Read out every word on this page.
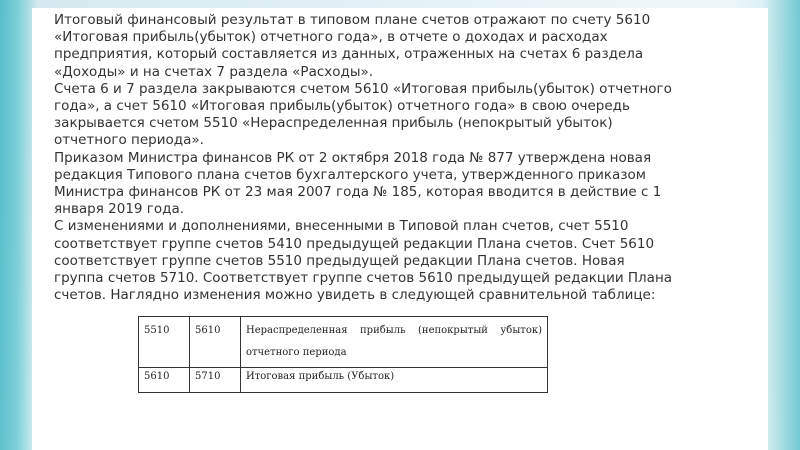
Итоговый финансовый результат в типовом плане счетов отражают по счету 5610 «Итоговая прибыль(убыток) отчетного года», в отчете о доходах и расходах предприятия, который составляется из данных, отраженных на счетах 6 раздела «Доходы» и на счетах 7 раздела «Расходы».

Счета 6 и 7 раздела закрываются счетом 5610 «Итоговая прибыль(убыток) отчетного года», а счет 5610 «Итоговая прибыль(убыток) отчетного года» в свою очередь закрывается счетом 5510 «Нераспределенная прибыль (непокрытый убыток) отчетного периода».

Приказом Министра финансов РК от 2 октября 2018 года № 877 утверждена новая редакция Типового плана счетов бухгалтерского учета, утвержденного приказом Министра финансов РК от 23 мая 2007 года № 185, которая вводится в действие с 1 января 2019 года.

С изменениями и дополнениями, внесенными в Типовой план счетов, счет 5510 соответствует группе счетов 5410 предыдущей редакции Плана счетов. Счет 5610 соответствует группе счетов 5510 предыдущей редакции Плана счетов. Новая группа счетов 5710. Соответствует группе счетов 5610 предыдущей редакции Плана счетов. Наглядно изменения можно увидеть в следующей сравнительной таблице:

5510	5610	Нераспределенная прибыль (непокрытый убыток) отчетного периода
5610	5710	Итоговая прибыль (Убыток)
